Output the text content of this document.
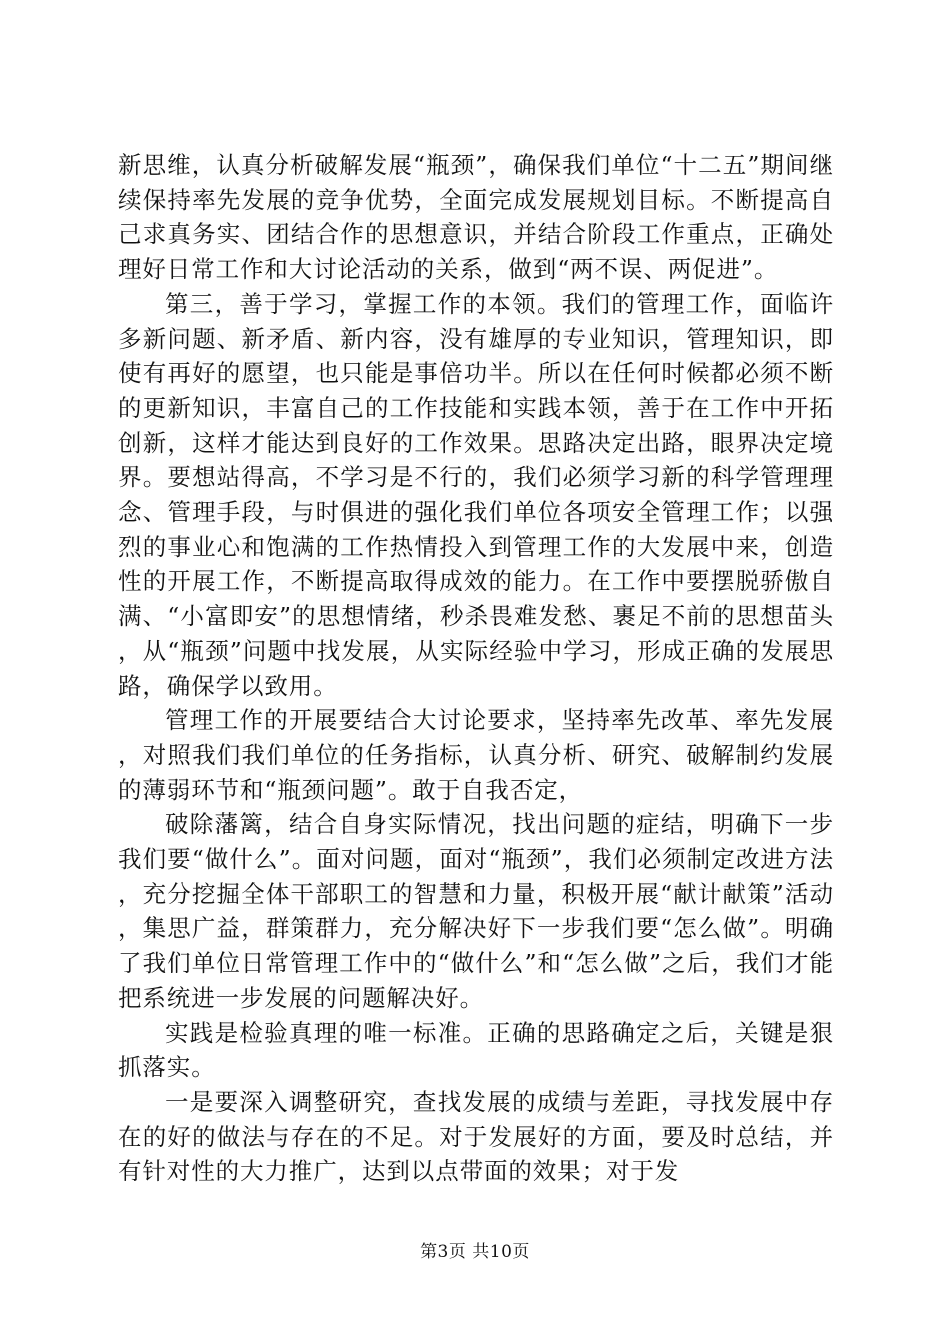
新思维，认真分析破解发展“瓶颈”，确保我们单位“十二五”期间继续保持率先发展的竞争优势，全面完成发展规划目标。不断提高自己求真务实、团结合作的思想意识，并结合阶段工作重点，正确处理好日常工作和大讨论活动的关系，做到“两不误、两促进”。

第三，善于学习，掌握工作的本领。我们的管理工作，面临许多新问题、新矛盾、新内容，没有雄厚的专业知识，管理知识，即使有再好的愿望，也只能是事倍功半。所以在任何时候都必须不断的更新知识，丰富自己的工作技能和实践本领，善于在工作中开拓创新，这样才能达到良好的工作效果。思路决定出路，眼界决定境界。要想站得高，不学习是不行的，我们必须学习新的科学管理理念、管理手段，与时俱进的强化我们单位各项安全管理工作；以强烈的事业心和饱满的工作热情投入到管理工作的大发展中来，创造性的开展工作，不断提高取得成效的能力。在工作中要摆脱骄傲自满、“小富即安”的思想情绪，秒杀畏难发愁、裹足不前的思想苗头，从“瓶颈”问题中找发展，从实际经验中学习，形成正确的发展思路，确保学以致用。

管理工作的开展要结合大讨论要求，坚持率先改革、率先发展，对照我们我们单位的任务指标，认真分析、研究、破解制约发展的薄弱环节和“瓶颈问题”。敢于自我否定，

破除藩篱，结合自身实际情况，找出问题的症结，明确下一步我们要“做什么”。面对问题，面对“瓶颈”，我们必须制定改进方法，充分挖掘全体干部职工的智慧和力量，积极开展“献计献策”活动，集思广益，群策群力，充分解决好下一步我们要“怎么做”。明确了我们单位日常管理工作中的“做什么”和“怎么做”之后，我们才能把系统进一步发展的问题解决好。

实践是检验真理的唯一标准。正确的思路确定之后，关键是狠抓落实。

一是要深入调整研究，查找发展的成绩与差距，寻找发展中存在的好的做法与存在的不足。对于发展好的方面，要及时总结，并有针对性的大力推广，达到以点带面的效果；对于发

第3页 共10页
